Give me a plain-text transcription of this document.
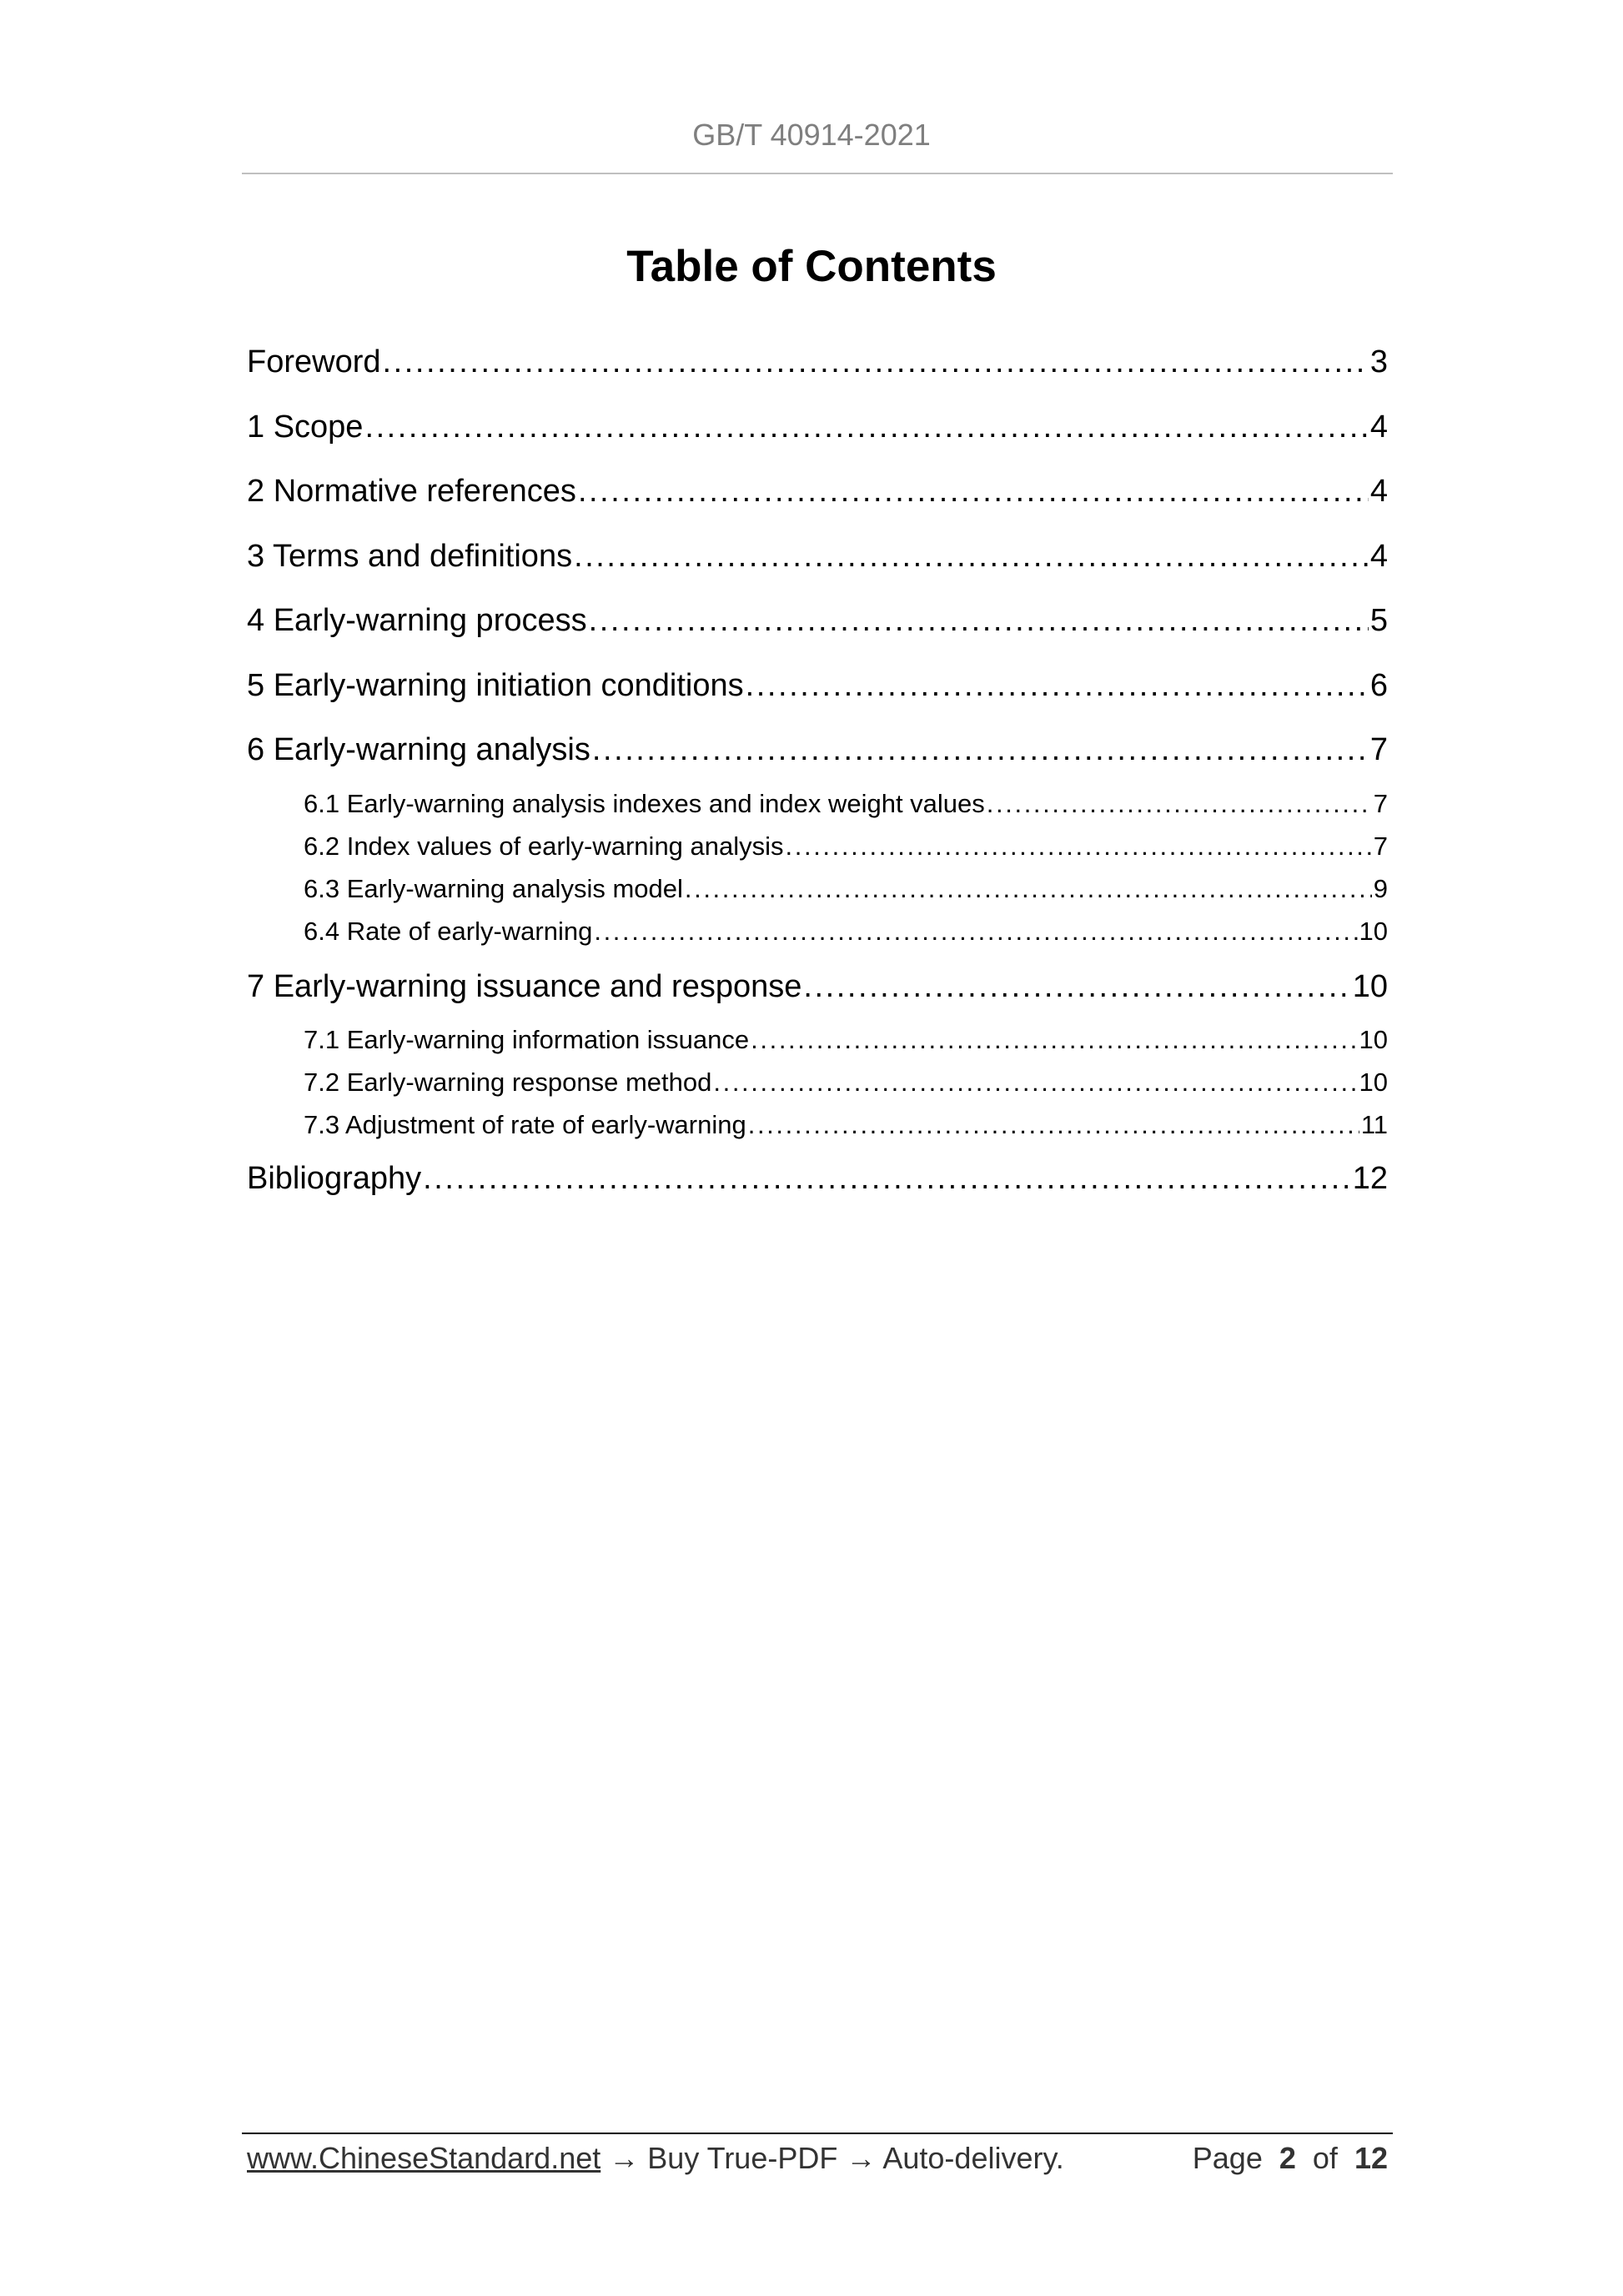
GB/T 40914-2021
Table of Contents
Foreword . . .	3
1 Scope . . .	4
2 Normative references . . .	4
3 Terms and definitions . . .	4
4 Early-warning process . . .	5
5 Early-warning initiation conditions . . .	6
6 Early-warning analysis . . .	7
6.1 Early-warning analysis indexes and index weight values . . .	7
6.2 Index values of early-warning analysis . . .	7
6.3 Early-warning analysis model . . .	9
6.4 Rate of early-warning . . .	10
7 Early-warning issuance and response . . .	10
7.1 Early-warning information issuance . . .	10
7.2 Early-warning response method . . .	10
7.3 Adjustment of rate of early-warning . . .	11
Bibliography . . .	12
www.ChineseStandard.net → Buy True-PDF → Auto-delivery.	Page 2 of 12
